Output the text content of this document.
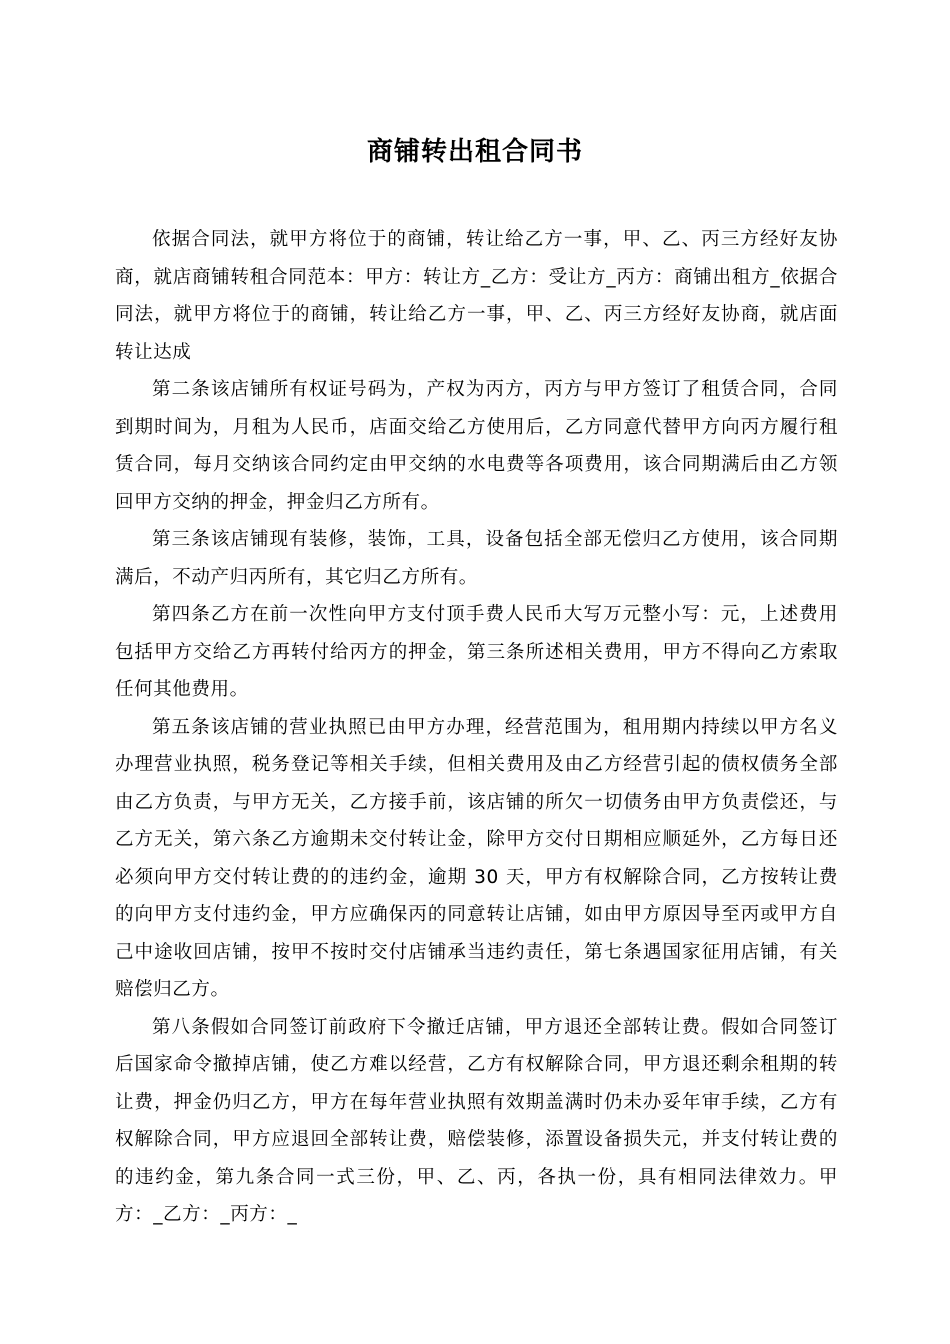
商铺转出租合同书

依据合同法，就甲方将位于的商铺，转让给乙方一事，甲、乙、丙三方经好友协商，就店商铺转租合同范本：甲方：转让方_乙方：受让方_丙方：商铺出租方_依据合同法，就甲方将位于的商铺，转让给乙方一事，甲、乙、丙三方经好友协商，就店面转让达成

第二条该店铺所有权证号码为，产权为丙方，丙方与甲方签订了租赁合同，合同到期时间为，月租为人民币，店面交给乙方使用后，乙方同意代替甲方向丙方履行租赁合同，每月交纳该合同约定由甲交纳的水电费等各项费用，该合同期满后由乙方领回甲方交纳的押金，押金归乙方所有。

第三条该店铺现有装修，装饰，工具，设备包括全部无偿归乙方使用，该合同期满后，不动产归丙所有，其它归乙方所有。

第四条乙方在前一次性向甲方支付顶手费人民币大写万元整小写：元，上述费用包括甲方交给乙方再转付给丙方的押金，第三条所述相关费用，甲方不得向乙方索取任何其他费用。

第五条该店铺的营业执照已由甲方办理，经营范围为，租用期内持续以甲方名义办理营业执照，税务登记等相关手续，但相关费用及由乙方经营引起的债权债务全部由乙方负责，与甲方无关，乙方接手前，该店铺的所欠一切债务由甲方负责偿还，与乙方无关，第六条乙方逾期未交付转让金，除甲方交付日期相应顺延外，乙方每日还必须向甲方交付转让费的的违约金，逾期 30 天，甲方有权解除合同，乙方按转让费的向甲方支付违约金，甲方应确保丙的同意转让店铺，如由甲方原因导至丙或甲方自己中途收回店铺，按甲不按时交付店铺承当违约责任，第七条遇国家征用店铺，有关赔偿归乙方。

第八条假如合同签订前政府下令撤迁店铺，甲方退还全部转让费。假如合同签订后国家命令撤掉店铺，使乙方难以经营，乙方有权解除合同，甲方退还剩余租期的转让费，押金仍归乙方，甲方在每年营业执照有效期盖满时仍未办妥年审手续，乙方有权解除合同，甲方应退回全部转让费，赔偿装修，添置设备损失元，并支付转让费的的违约金，第九条合同一式三份，甲、乙、丙，各执一份，具有相同法律效力。甲方：_乙方：_丙方：_
